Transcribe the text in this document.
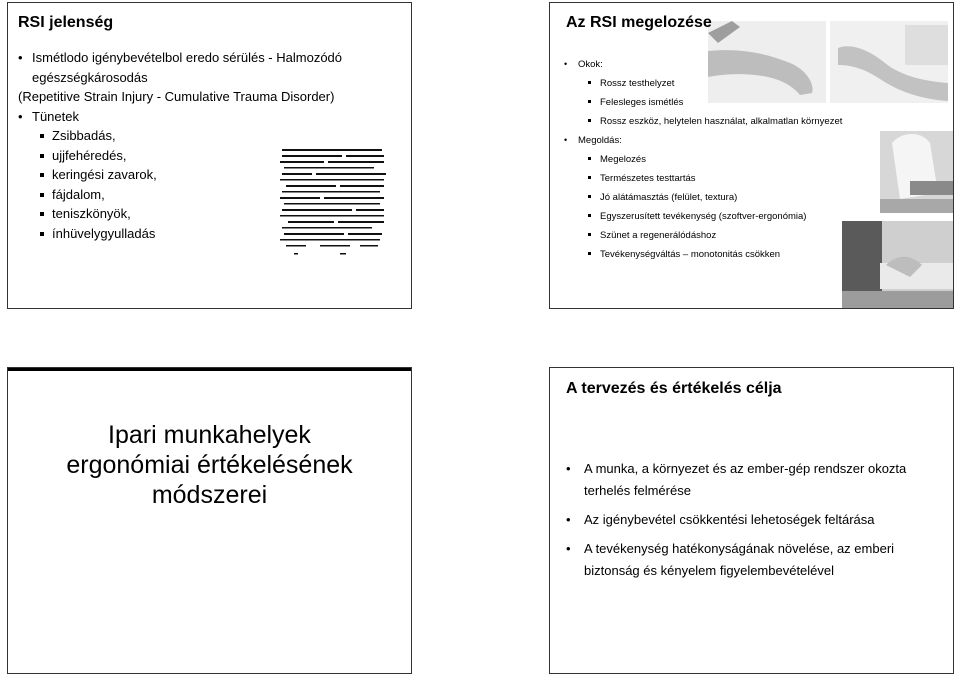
RSI jelenség
• Ismétlodo igénybevételbol eredo sérülés - Halmozódó
egészségkárosodás
(Repetitive Strain Injury - Cumulative Trauma Disorder)
• Tünetek
Zsibbadás,
ujjfehéredés,
keringési zavarok,
fájdalom,
teniszkönyök,
ínhüvelygyulladás
Az RSI megelozése
• Okok:
Rossz testhelyzet
Felesleges ismétlés
Rossz eszköz, helytelen használat, alkalmatlan környezet
• Megoldás:
Megelozés
Természetes testtartás
Jó alátámasztás (felület, textura)
Egyszerusített tevékenység (szoftver-ergonómia)
Szünet a regenerálódáshoz
Tevékenységváltás – monotonitás csökken
Ipari munkahelyek
ergonómiai értékelésének
módszerei
A tervezés és értékelés célja
• A munka, a környezet és az ember-gép rendszer okozta
terhelés felmérése
• Az igénybevétel csökkentési lehetoségek feltárása
• A tevékenység hatékonyságának növelése, az emberi
biztonság és kényelem figyelembevételével
